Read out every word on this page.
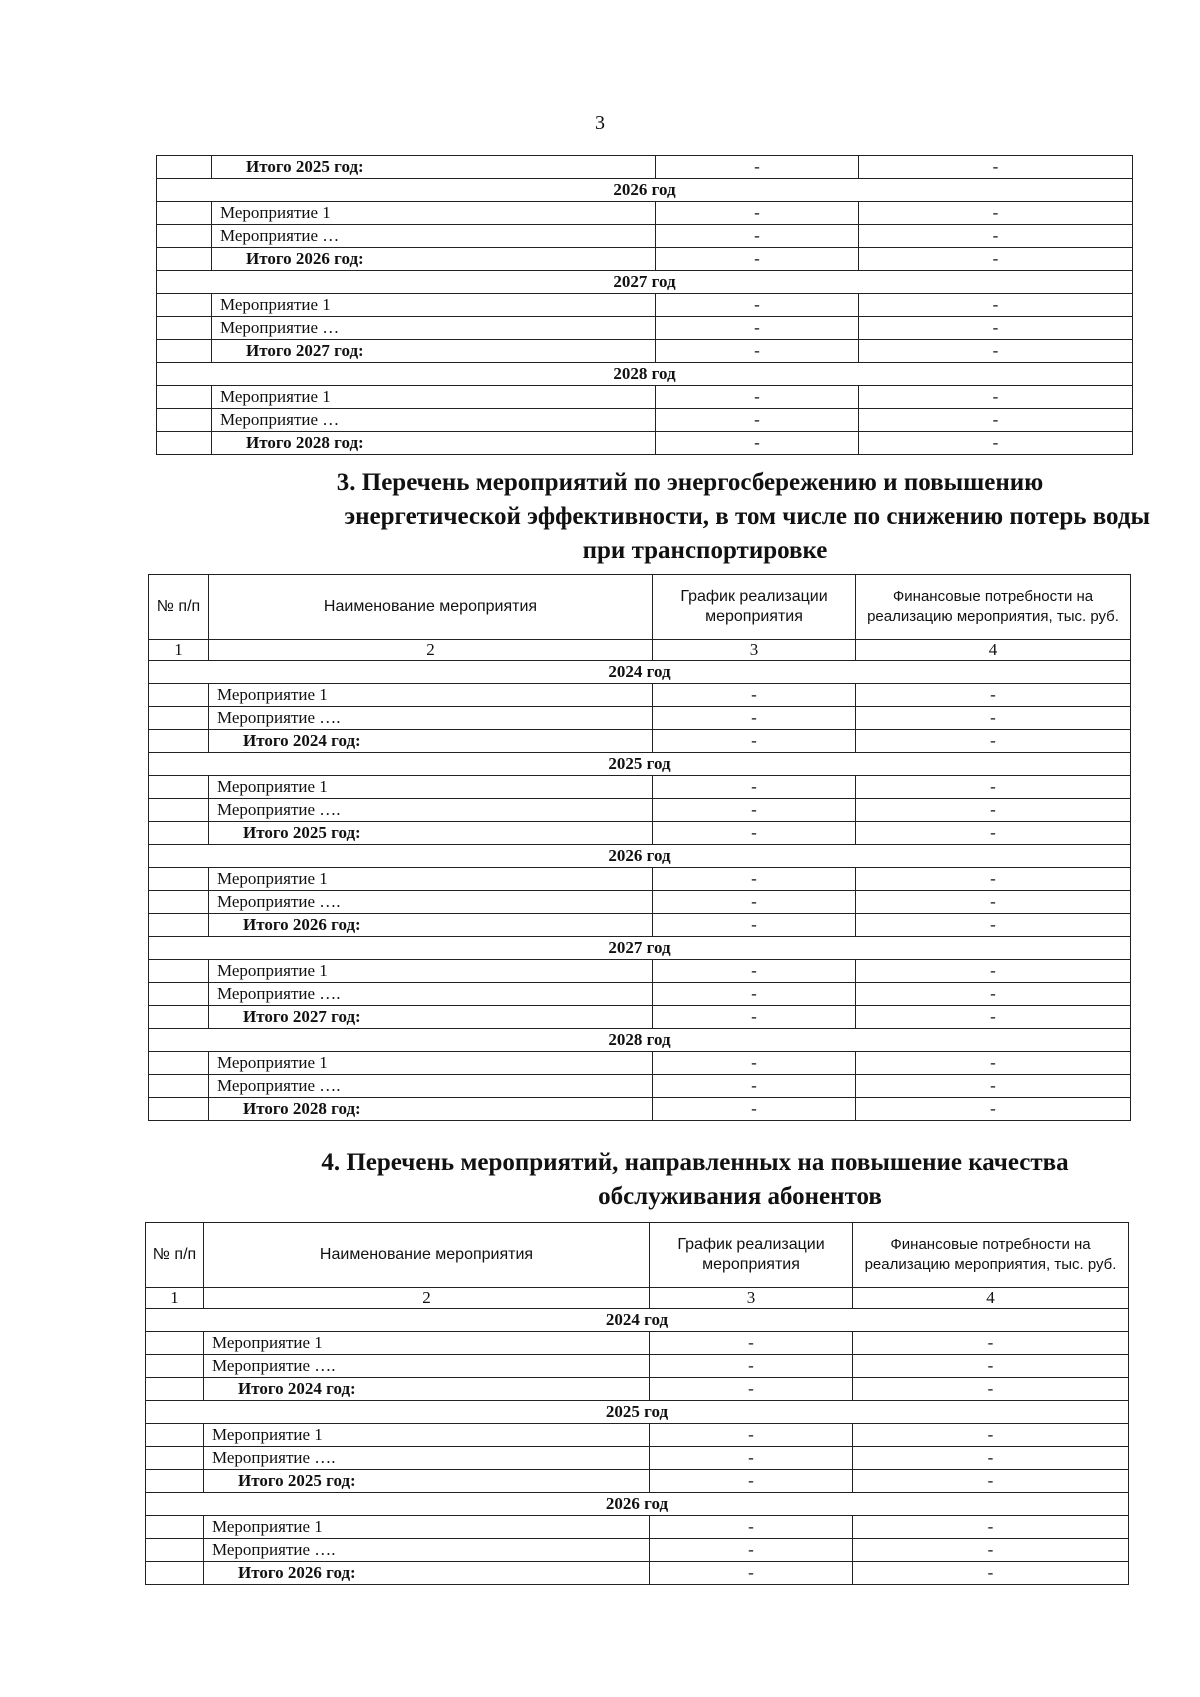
3
	Итого 2025 год:	-	-
2026 год			
	Мероприятие 1	-	-
	Мероприятие …	-	-
	Итого 2026 год:	-	-
2027 год			
	Мероприятие 1	-	-
	Мероприятие …	-	-
	Итого 2027 год:	-	-
2028 год			
	Мероприятие 1	-	-
	Мероприятие …	-	-
	Итого 2028 год:	-	-
3. Перечень мероприятий по энергосбережению и повышению
энергетической эффективности, в том числе по снижению потерь воды
при транспортировке
№ п/п	Наименование мероприятия	График реализации мероприятия	Финансовые потребности на реализацию мероприятия, тыс. руб.
1	2	3	4
2024 год			
	Мероприятие 1	-	-
	Мероприятие ….	-	-
	Итого 2024 год:	-	-
2025 год			
	Мероприятие 1	-	-
	Мероприятие ….	-	-
	Итого 2025 год:	-	-
2026 год			
	Мероприятие 1	-	-
	Мероприятие ….	-	-
	Итого 2026 год:	-	-
2027 год			
	Мероприятие 1	-	-
	Мероприятие ….	-	-
	Итого 2027 год:	-	-
2028 год			
	Мероприятие 1	-	-
	Мероприятие ….	-	-
	Итого 2028 год:	-	-
4. Перечень мероприятий, направленных на повышение качества
обслуживания абонентов
№ п/п	Наименование мероприятия	График реализации мероприятия	Финансовые потребности на реализацию мероприятия, тыс. руб.
1	2	3	4
2024 год			
	Мероприятие 1	-	-
	Мероприятие ….	-	-
	Итого 2024 год:	-	-
2025 год			
	Мероприятие 1	-	-
	Мероприятие ….	-	-
	Итого 2025 год:	-	-
2026 год			
	Мероприятие 1	-	-
	Мероприятие ….	-	-
	Итого 2026 год:	-	-
